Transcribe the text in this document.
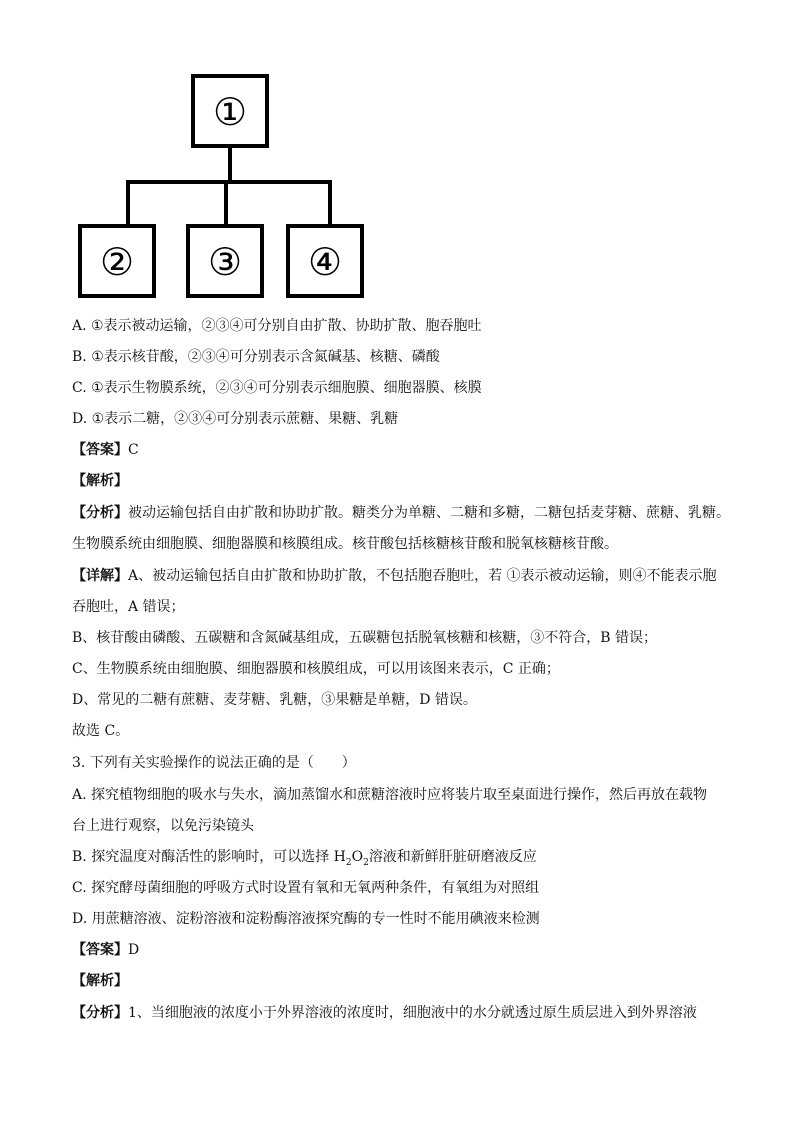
①
② ③ ④
A. ①表示被动运输，②③④可分别自由扩散、协助扩散、胞吞胞吐
B. ①表示核苷酸，②③④可分别表示含氮碱基、核糖、磷酸
C. ①表示生物膜系统，②③④可分别表示细胞膜、细胞器膜、核膜
D. ①表示二糖，②③④可分别表示蔗糖、果糖、乳糖
【答案】C
【解析】
【分析】被动运输包括自由扩散和协助扩散。糖类分为单糖、二糖和多糖，二糖包括麦芽糖、蔗糖、乳糖。
生物膜系统由细胞膜、细胞器膜和核膜组成。核苷酸包括核糖核苷酸和脱氧核糖核苷酸。
【详解】A、被动运输包括自由扩散和协助扩散，不包括胞吞胞吐，若 ①表示被动运输，则④不能表示胞
吞胞吐，A 错误；
B、核苷酸由磷酸、五碳糖和含氮碱基组成，五碳糖包括脱氧核糖和核糖，③不符合，B 错误；
C、生物膜系统由细胞膜、细胞器膜和核膜组成，可以用该图来表示，C 正确；
D、常见的二糖有蔗糖、麦芽糖、乳糖，③果糖是单糖，D 错误。
故选 C。
3. 下列有关实验操作的说法正确的是（　　）
A. 探究植物细胞的吸水与失水，滴加蒸馏水和蔗糖溶液时应将装片取至桌面进行操作，然后再放在载物
台上进行观察，以免污染镜头
B. 探究温度对酶活性的影响时，可以选择 $H_2O_2$溶液和新鲜肝脏研磨液反应
C. 探究酵母菌细胞的呼吸方式时设置有氧和无氧两种条件，有氧组为对照组
D. 用蔗糖溶液、淀粉溶液和淀粉酶溶液探究酶的专一性时不能用碘液来检测
【答案】D
【解析】
【分析】1、当细胞液的浓度小于外界溶液的浓度时，细胞液中的水分就透过原生质层进入到外界溶液
